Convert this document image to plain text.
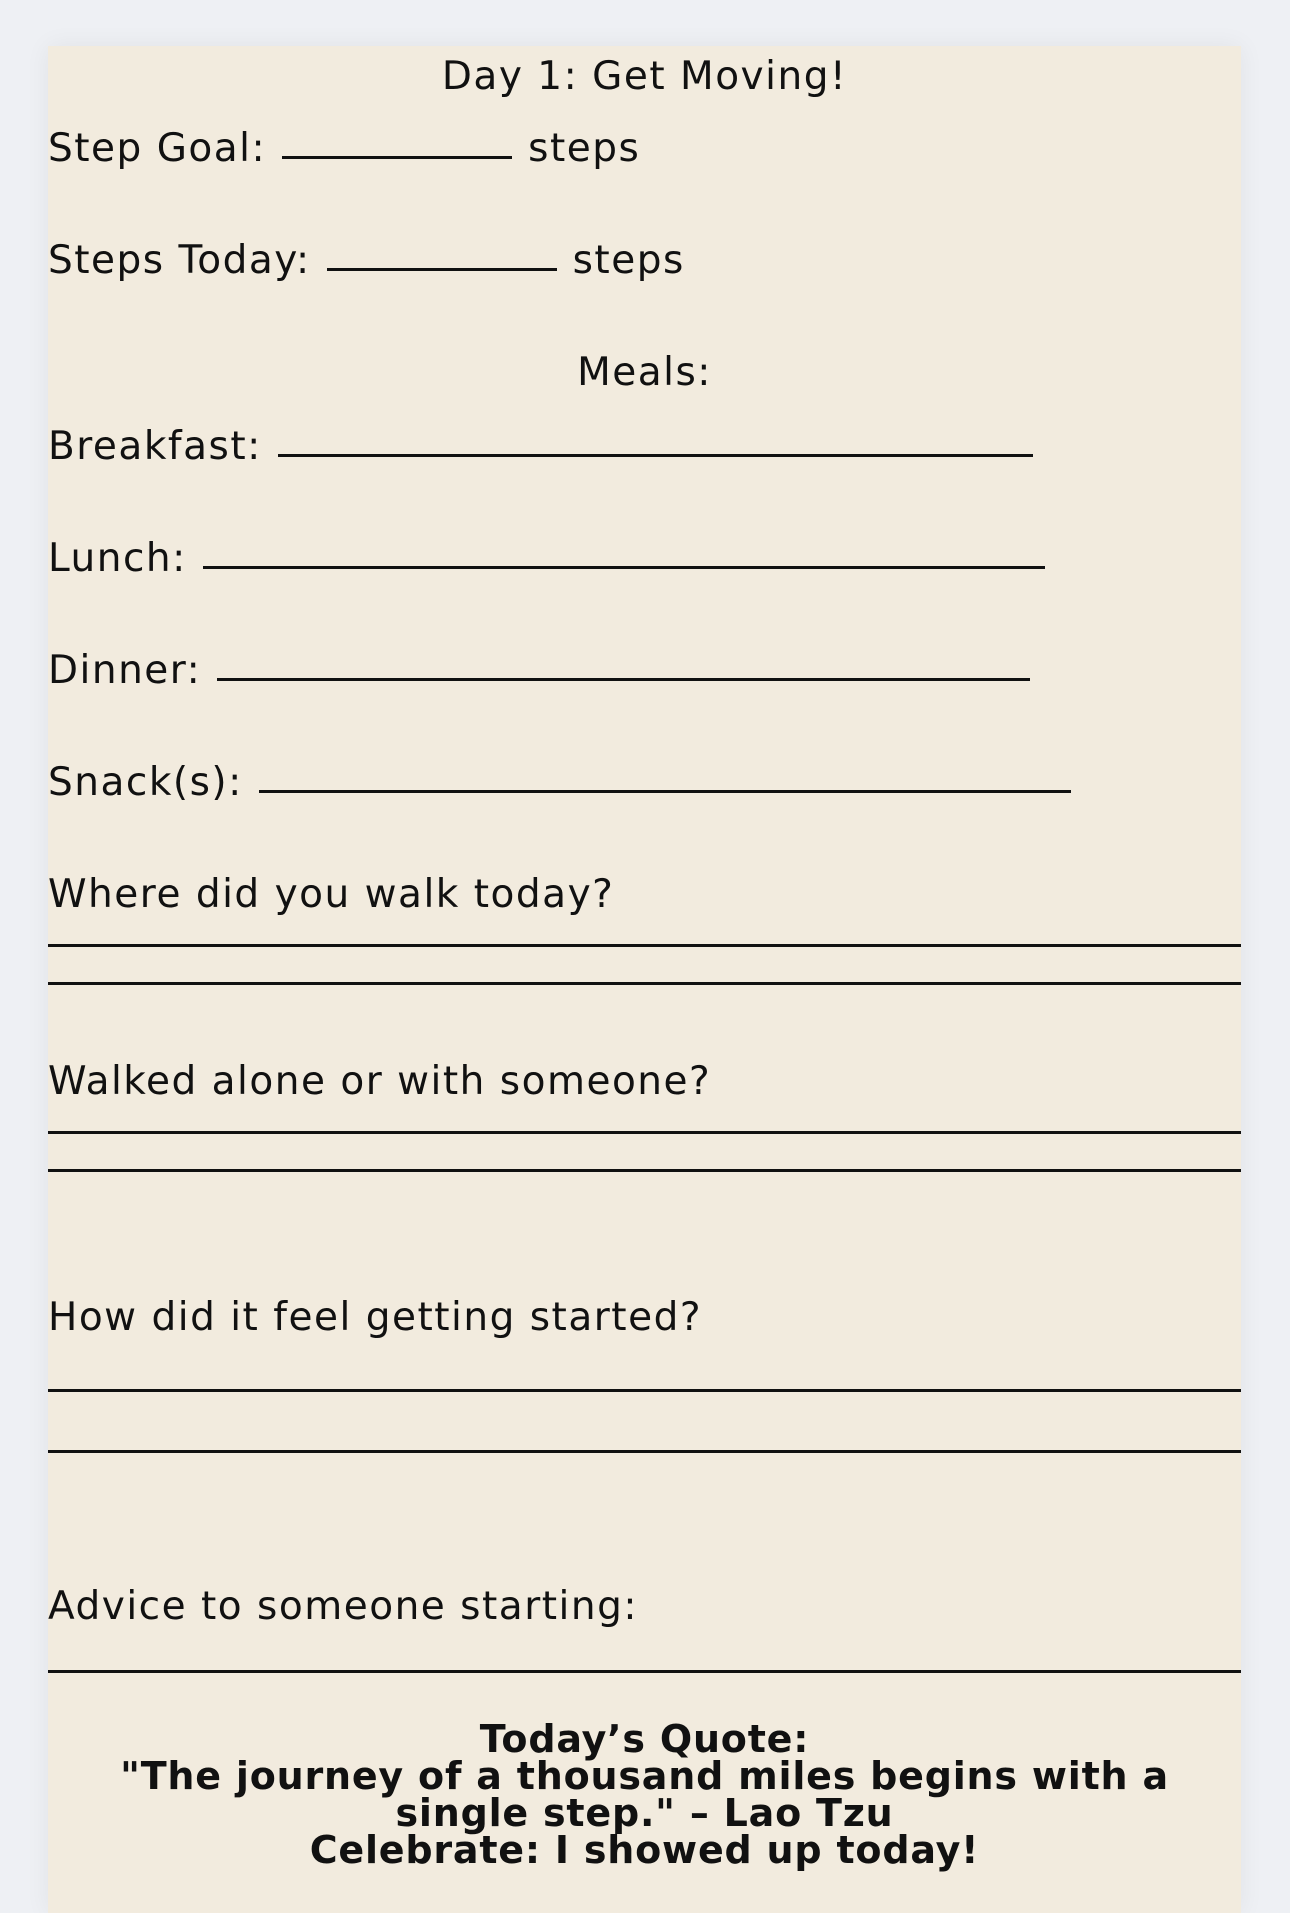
Day 1: Get Moving!
Step Goal:	steps
Steps Today:	steps
Meals:
Breakfast:
Lunch:
Dinner:
Snack(s):
Where did you walk today?
Walked alone or with someone?
How did it feel getting started?
Advice to someone starting:
Today’s Quote:
"The journey of a thousand miles begins with a
single step." – Lao Tzu
Celebrate: I showed up today!
